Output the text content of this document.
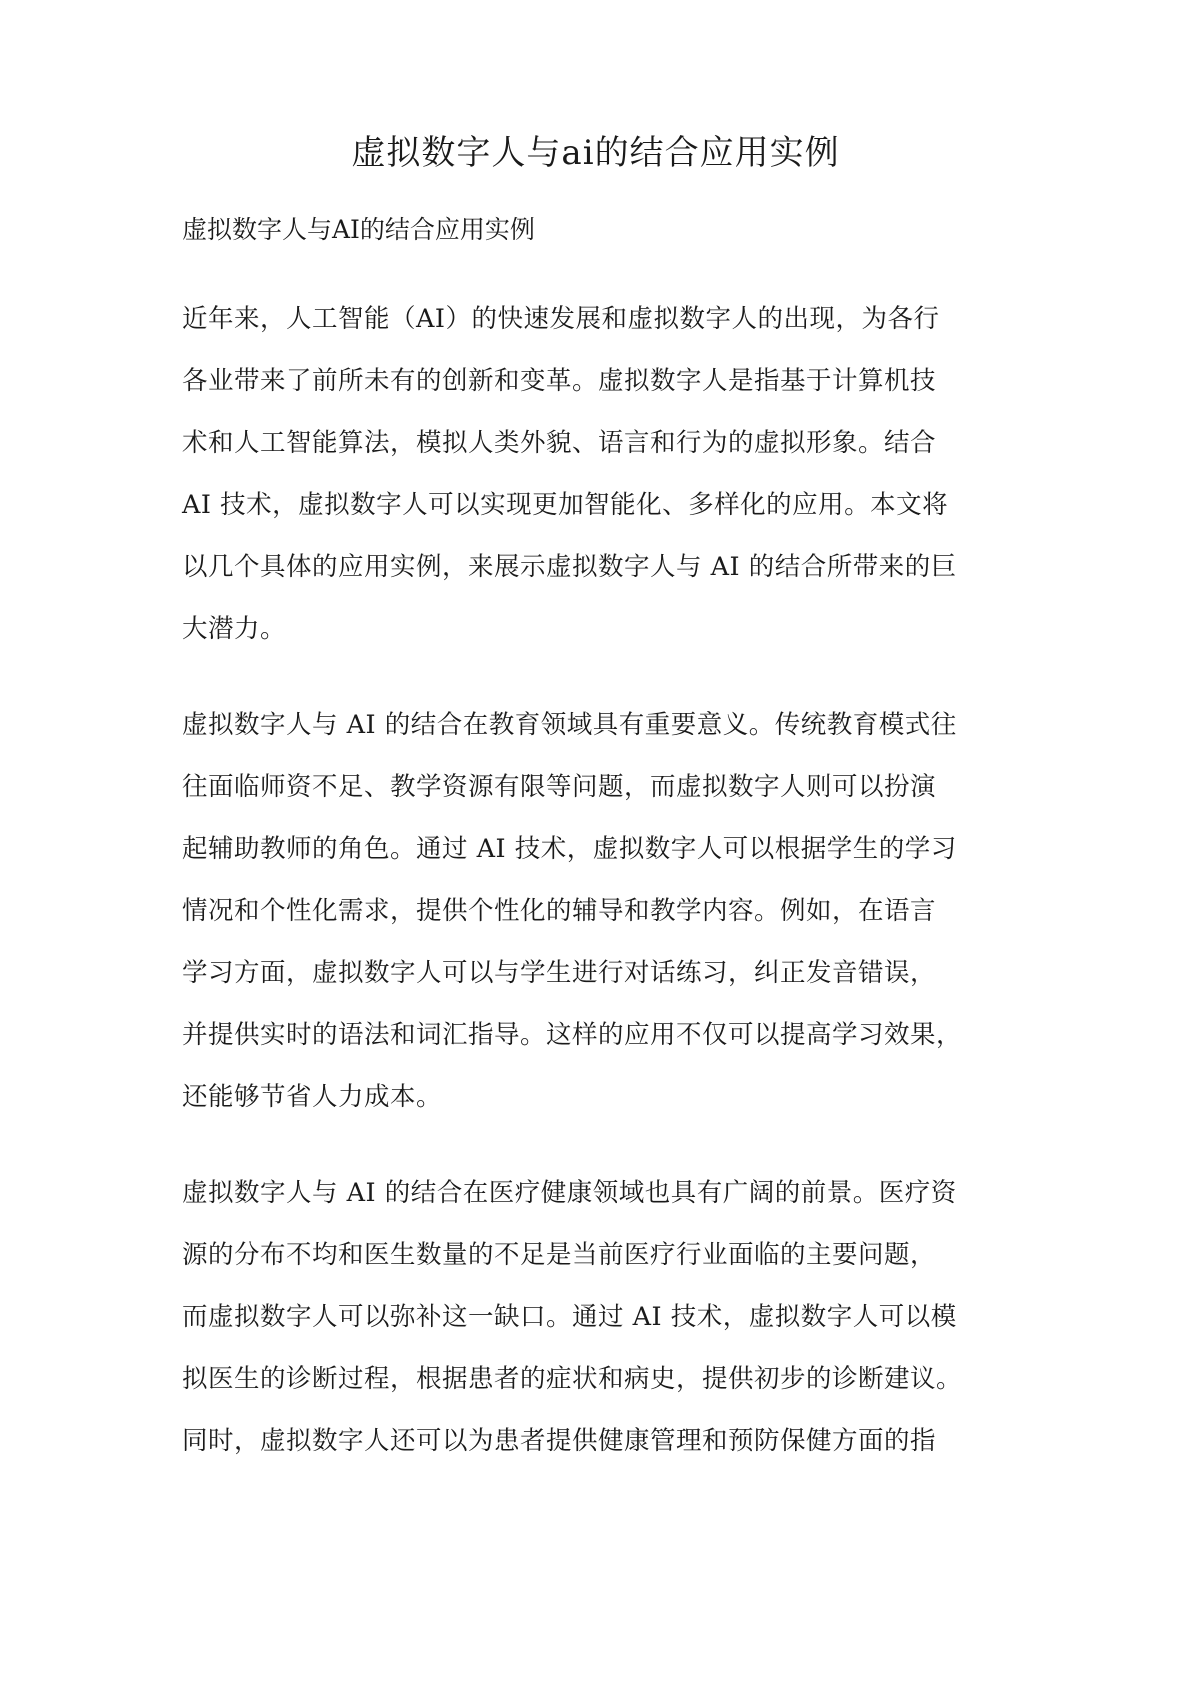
虚拟数字人与ai的结合应用实例

虚拟数字人与AI的结合应用实例

近年来，人工智能（AI）的快速发展和虚拟数字人的出现，为各行
各业带来了前所未有的创新和变革。虚拟数字人是指基于计算机技
术和人工智能算法，模拟人类外貌、语言和行为的虚拟形象。结合
AI 技术，虚拟数字人可以实现更加智能化、多样化的应用。本文将
以几个具体的应用实例，来展示虚拟数字人与 AI 的结合所带来的巨
大潜力。
虚拟数字人与 AI 的结合在教育领域具有重要意义。传统教育模式往
往面临师资不足、教学资源有限等问题，而虚拟数字人则可以扮演
起辅助教师的角色。通过 AI 技术，虚拟数字人可以根据学生的学习
情况和个性化需求，提供个性化的辅导和教学内容。例如，在语言
学习方面，虚拟数字人可以与学生进行对话练习，纠正发音错误，
并提供实时的语法和词汇指导。这样的应用不仅可以提高学习效果，
还能够节省人力成本。
虚拟数字人与 AI 的结合在医疗健康领域也具有广阔的前景。医疗资
源的分布不均和医生数量的不足是当前医疗行业面临的主要问题，
而虚拟数字人可以弥补这一缺口。通过 AI 技术，虚拟数字人可以模
拟医生的诊断过程，根据患者的症状和病史，提供初步的诊断建议。
同时，虚拟数字人还可以为患者提供健康管理和预防保健方面的指
